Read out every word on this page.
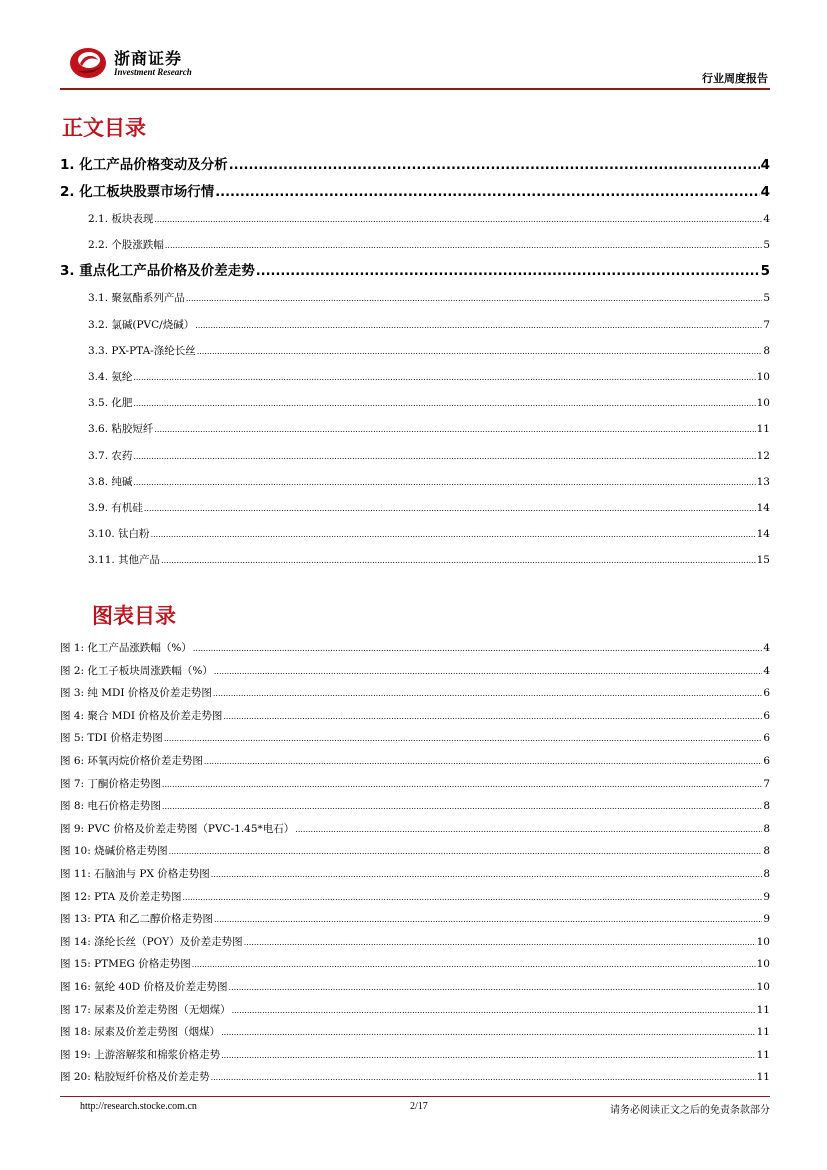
浙商证券
Investment Research	行业周度报告
正文目录
1. 化工产品价格变动及分析 .....	4
2. 化工板块股票市场行情 .....	4
2.1. 板块表现 .....	4
2.2. 个股涨跌幅 .....	5
3. 重点化工产品价格及价差走势 .....	5
3.1. 聚氨酯系列产品 .....	5
3.2. 氯碱(PVC/烧碱） .....	7
3.3. PX-PTA-涤纶长丝 .....	8
3.4. 氨纶 .....	10
3.5. 化肥 .....	10
3.6. 粘胶短纤 .....	11
3.7. 农药 .....	12
3.8. 纯碱 .....	13
3.9. 有机硅 .....	14
3.10. 钛白粉 .....	14
3.11. 其他产品 .....	15
图表目录
图 1: 化工产品涨跌幅（%） .....	4
图 2: 化工子板块周涨跌幅（%） .....	4
图 3: 纯 MDI 价格及价差走势图 .....	6
图 4: 聚合 MDI 价格及价差走势图 .....	6
图 5: TDI 价格走势图 .....	6
图 6: 环氧丙烷价格价差走势图 .....	6
图 7: 丁酮价格走势图 .....	7
图 8: 电石价格走势图 .....	8
图 9: PVC 价格及价差走势图（PVC-1.45*电石） .....	8
图 10: 烧碱价格走势图 .....	8
图 11: 石脑油与 PX 价格走势图 .....	8
图 12: PTA 及价差走势图 .....	9
图 13: PTA 和乙二醇价格走势图 .....	9
图 14: 涤纶长丝（POY）及价差走势图 .....	10
图 15: PTMEG 价格走势图 .....	10
图 16: 氨纶 40D 价格及价差走势图 .....	10
图 17: 尿素及价差走势图（无烟煤） .....	11
图 18: 尿素及价差走势图（烟煤） .....	11
图 19: 上游溶解浆和棉浆价格走势 .....	11
图 20: 粘胶短纤价格及价差走势 .....	11
http://research.stocke.com.cn	2/17	请务必阅读正文之后的免责条款部分
